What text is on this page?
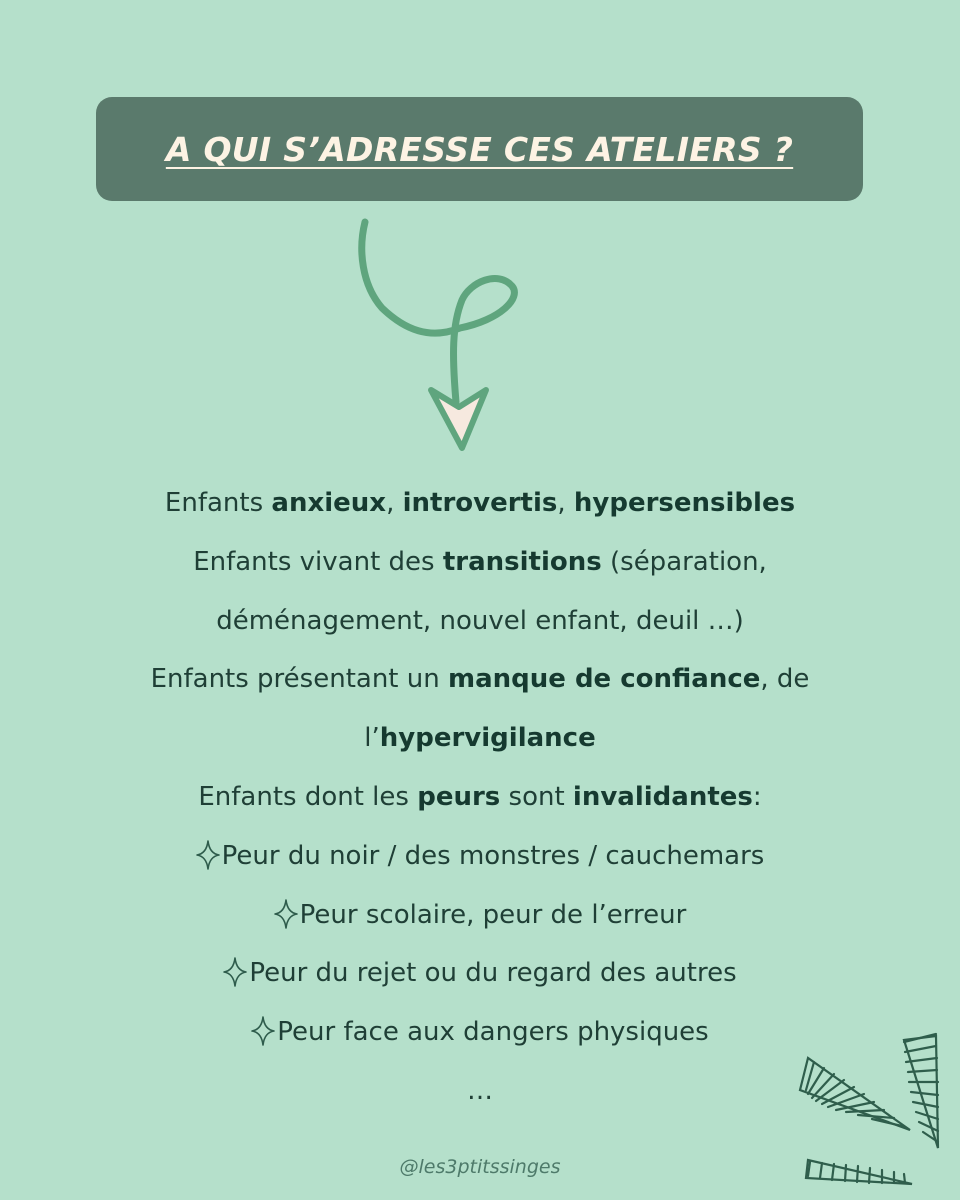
A QUI S’ADRESSE CES ATELIERS ?
Enfants anxieux, introvertis, hypersensibles
Enfants vivant des transitions (séparation,
déménagement, nouvel enfant, deuil …)
Enfants présentant un manque de confiance, de
l’hypervigilance
Enfants dont les peurs sont invalidantes:
Peur du noir / des monstres / cauchemars
Peur scolaire, peur de l’erreur
Peur du rejet ou du regard des autres
Peur face aux dangers physiques
…
@les3ptitssinges
